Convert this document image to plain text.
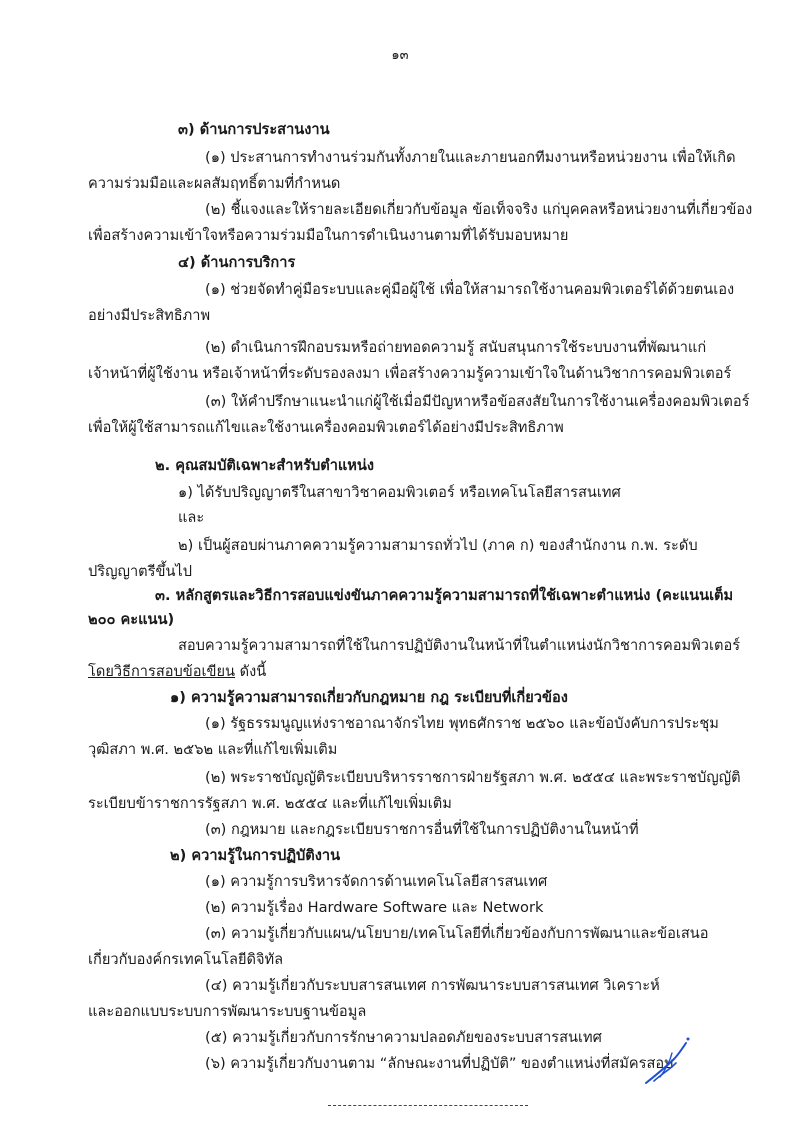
๑๓
๓) ด้านการประสานงาน
(๑) ประสานการทำงานร่วมกันทั้งภายในและภายนอกทีมงานหรือหน่วยงาน เพื่อให้เกิด
ความร่วมมือและผลสัมฤทธิ์ตามที่กำหนด
(๒) ชี้แจงและให้รายละเอียดเกี่ยวกับข้อมูล ข้อเท็จจริง แก่บุคคลหรือหน่วยงานที่เกี่ยวข้อง
เพื่อสร้างความเข้าใจหรือความร่วมมือในการดำเนินงานตามที่ได้รับมอบหมาย
๔) ด้านการบริการ
(๑) ช่วยจัดทำคู่มือระบบและคู่มือผู้ใช้ เพื่อให้สามารถใช้งานคอมพิวเตอร์ได้ด้วยตนเอง
อย่างมีประสิทธิภาพ
(๒) ดำเนินการฝึกอบรมหรือถ่ายทอดความรู้ สนับสนุนการใช้ระบบงานที่พัฒนาแก่
เจ้าหน้าที่ผู้ใช้งาน หรือเจ้าหน้าที่ระดับรองลงมา เพื่อสร้างความรู้ความเข้าใจในด้านวิชาการคอมพิวเตอร์
(๓) ให้คำปรึกษาแนะนำแก่ผู้ใช้เมื่อมีปัญหาหรือข้อสงสัยในการใช้งานเครื่องคอมพิวเตอร์
เพื่อให้ผู้ใช้สามารถแก้ไขและใช้งานเครื่องคอมพิวเตอร์ได้อย่างมีประสิทธิภาพ
๒. คุณสมบัติเฉพาะสำหรับตำแหน่ง
๑) ได้รับปริญญาตรีในสาขาวิชาคอมพิวเตอร์ หรือเทคโนโลยีสารสนเทศ
และ
๒) เป็นผู้สอบผ่านภาคความรู้ความสามารถทั่วไป (ภาค ก) ของสำนักงาน ก.พ. ระดับ
ปริญญาตรีขึ้นไป
๓. หลักสูตรและวิธีการสอบแข่งขันภาคความรู้ความสามารถที่ใช้เฉพาะตำแหน่ง (คะแนนเต็ม
๒๐๐ คะแนน)
สอบความรู้ความสามารถที่ใช้ในการปฏิบัติงานในหน้าที่ในตำแหน่งนักวิชาการคอมพิวเตอร์
โดยวิธีการสอบข้อเขียน ดังนี้
๑) ความรู้ความสามารถเกี่ยวกับกฎหมาย กฎ ระเบียบที่เกี่ยวข้อง
(๑) รัฐธรรมนูญแห่งราชอาณาจักรไทย พุทธศักราช ๒๕๖๐ และข้อบังคับการประชุม
วุฒิสภา พ.ศ. ๒๕๖๒ และที่แก้ไขเพิ่มเติม
(๒) พระราชบัญญัติระเบียบบริหารราชการฝ่ายรัฐสภา พ.ศ. ๒๕๕๔ และพระราชบัญญัติ
ระเบียบข้าราชการรัฐสภา พ.ศ. ๒๕๕๔ และที่แก้ไขเพิ่มเติม
(๓) กฎหมาย และกฎระเบียบราชการอื่นที่ใช้ในการปฏิบัติงานในหน้าที่
๒) ความรู้ในการปฏิบัติงาน
(๑) ความรู้การบริหารจัดการด้านเทคโนโลยีสารสนเทศ
(๒) ความรู้เรื่อง Hardware Software และ Network
(๓) ความรู้เกี่ยวกับแผน/นโยบาย/เทคโนโลยีที่เกี่ยวข้องกับการพัฒนาและข้อเสนอ
เกี่ยวกับองค์กรเทคโนโลยีดิจิทัล
(๔) ความรู้เกี่ยวกับระบบสารสนเทศ การพัฒนาระบบสารสนเทศ วิเคราะห์
และออกแบบระบบการพัฒนาระบบฐานข้อมูล
(๕) ความรู้เกี่ยวกับการรักษาความปลอดภัยของระบบสารสนเทศ
(๖) ความรู้เกี่ยวกับงานตาม “ลักษณะงานที่ปฏิบัติ” ของตำแหน่งที่สมัครสอบ
